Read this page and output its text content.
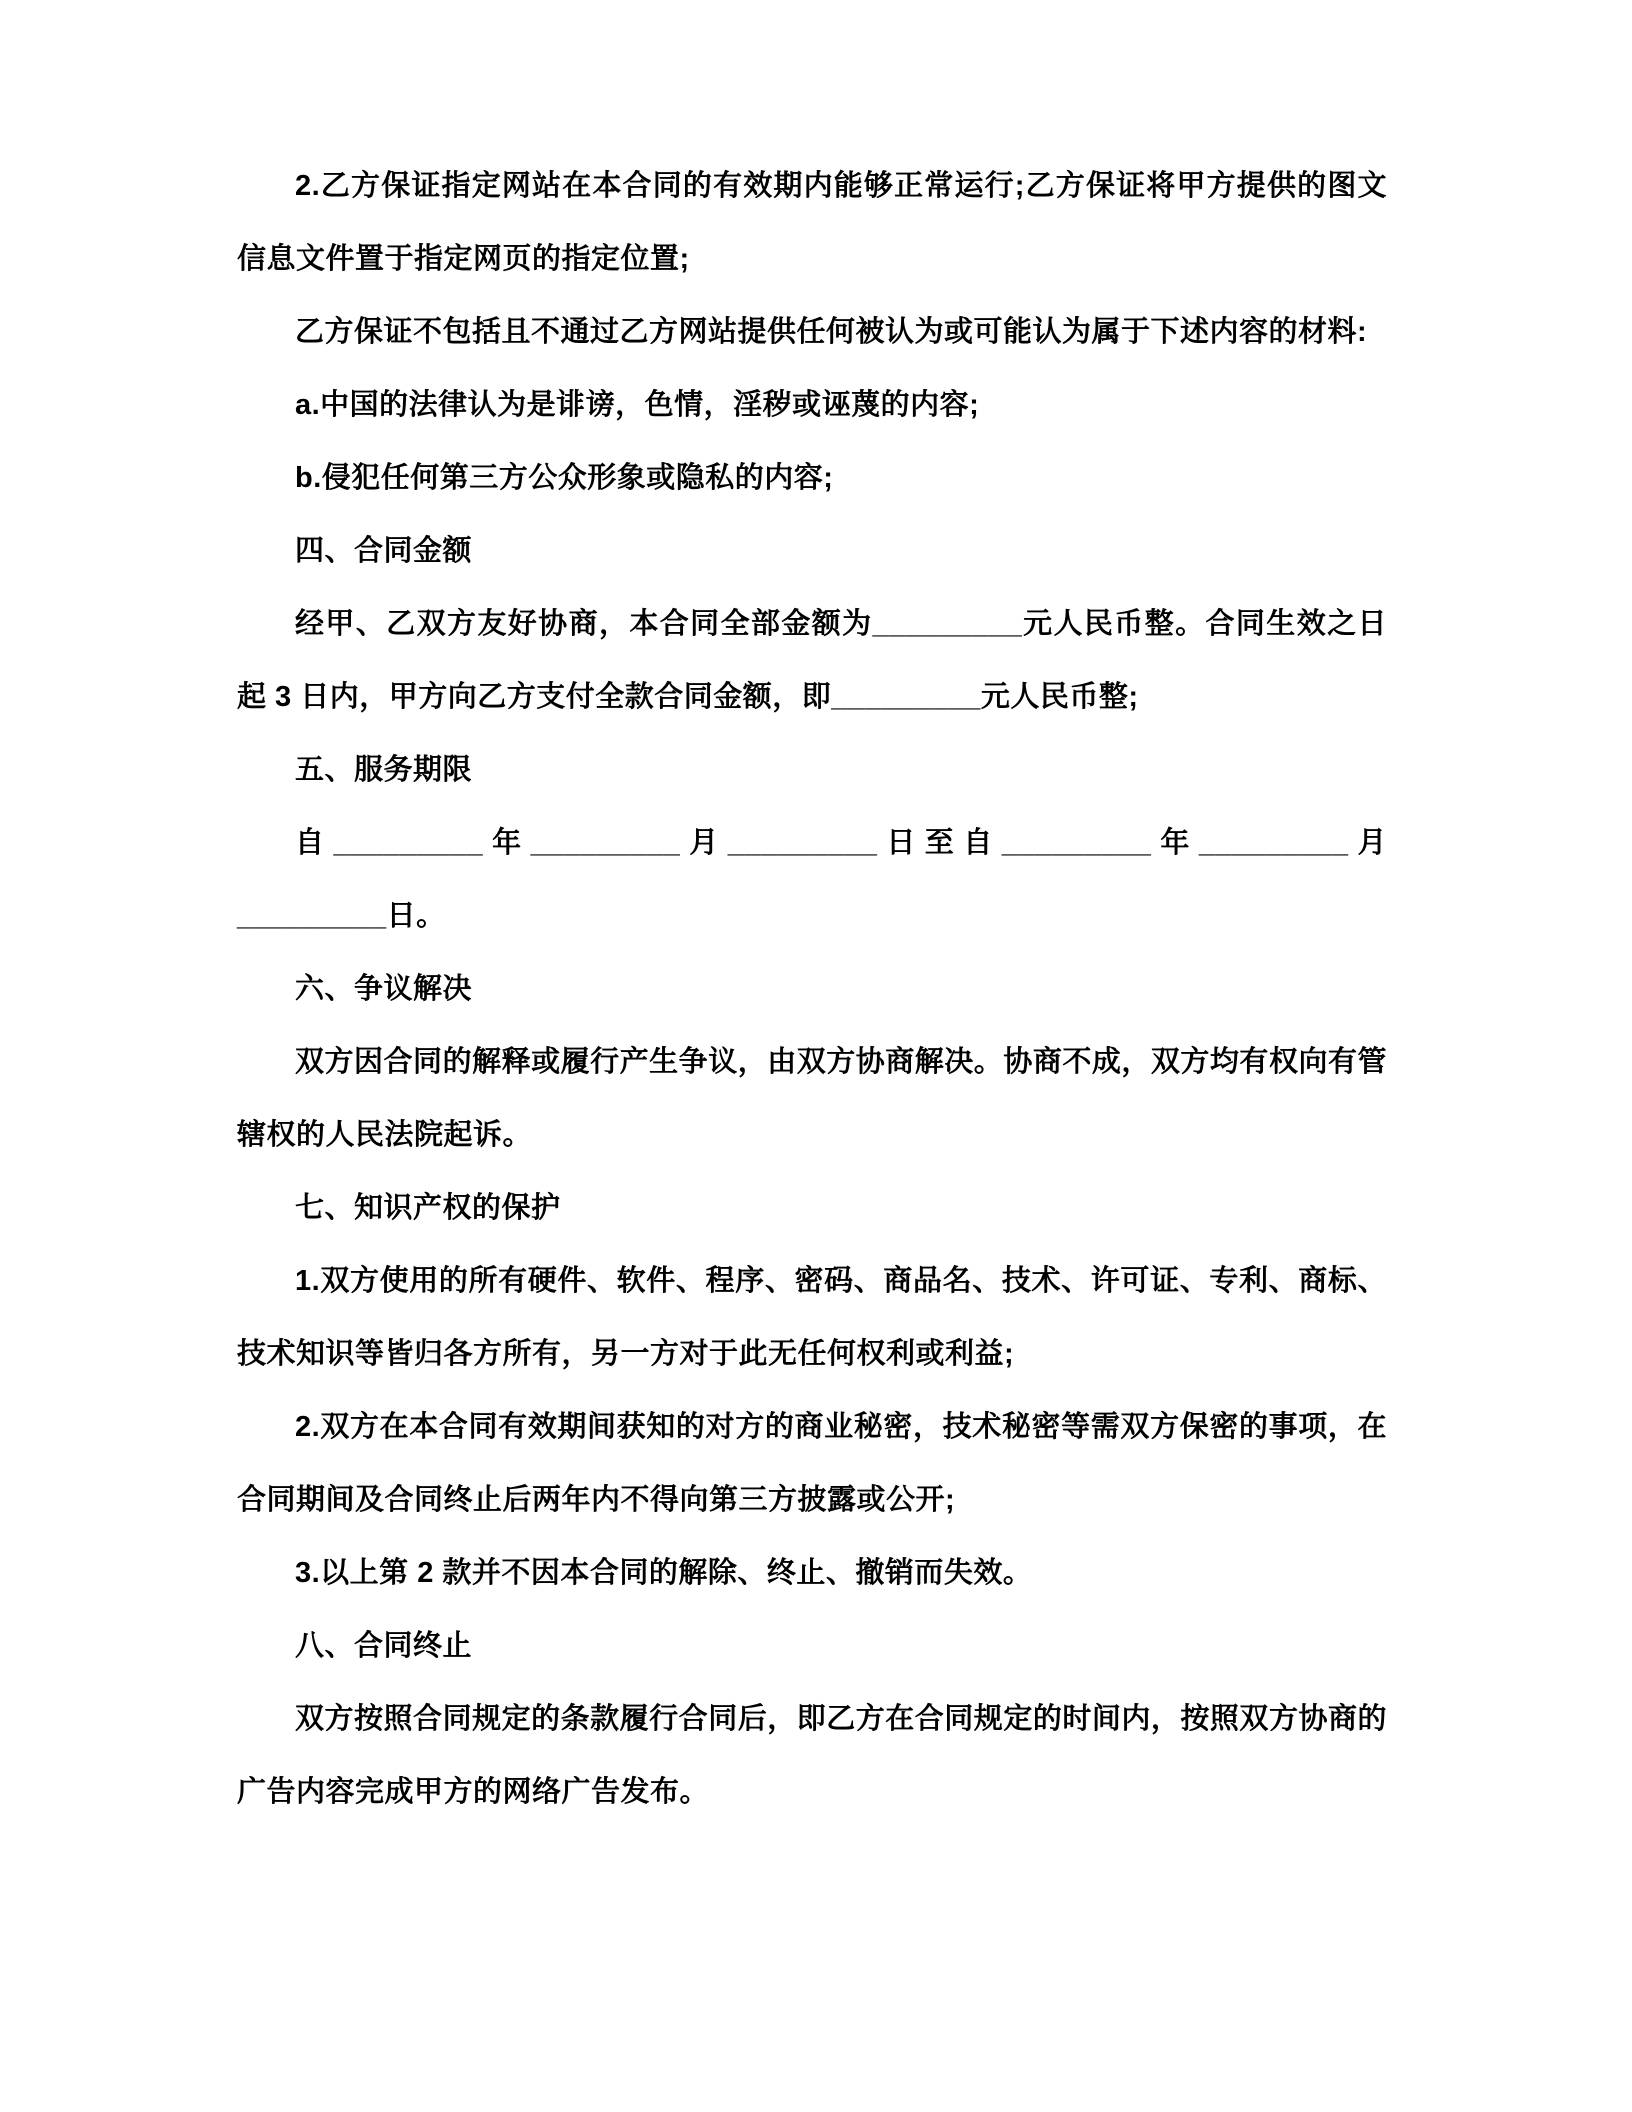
2.乙方保证指定网站在本合同的有效期内能够正常运行;乙方保证将甲方提供的图文信息文件置于指定网页的指定位置;

乙方保证不包括且不通过乙方网站提供任何被认为或可能认为属于下述内容的材料:

a.中国的法律认为是诽谤，色情，淫秽或诬蔑的内容;

b.侵犯任何第三方公众形象或隐私的内容;

四、合同金额

经甲、乙双方友好协商，本合同全部金额为_________元人民币整。合同生效之日起 3 日内，甲方向乙方支付全款合同金额，即_________元人民币整;

五、服务期限

自_________年_________月_________日至自_________年_________月_________日。

六、争议解决

双方因合同的解释或履行产生争议，由双方协商解决。协商不成，双方均有权向有管辖权的人民法院起诉。

七、知识产权的保护

1.双方使用的所有硬件、软件、程序、密码、商品名、技术、许可证、专利、商标、技术知识等皆归各方所有，另一方对于此无任何权利或利益;

2.双方在本合同有效期间获知的对方的商业秘密，技术秘密等需双方保密的事项，在合同期间及合同终止后两年内不得向第三方披露或公开;

3.以上第 2 款并不因本合同的解除、终止、撤销而失效。

八、合同终止

双方按照合同规定的条款履行合同后，即乙方在合同规定的时间内，按照双方协商的广告内容完成甲方的网络广告发布。
